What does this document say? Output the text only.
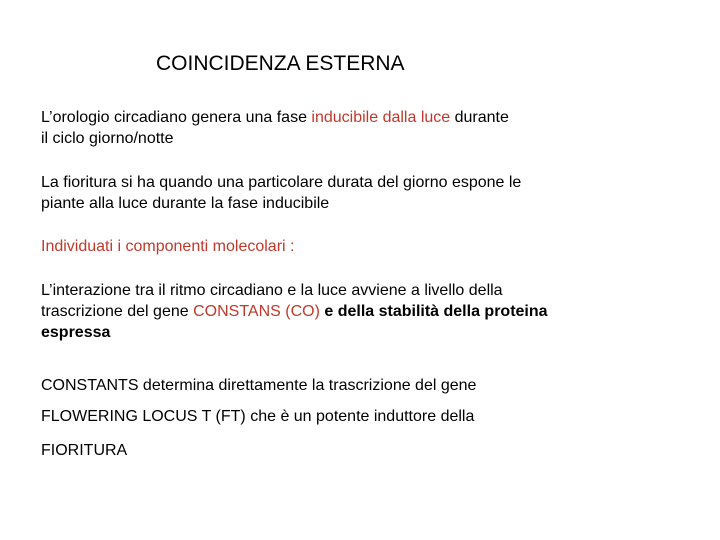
COINCIDENZA ESTERNA
L’orologio circadiano genera una fase inducibile dalla luce durante
il ciclo giorno/notte
La fioritura si ha quando una particolare durata del giorno espone le
piante alla luce durante la fase inducibile
Individuati i componenti molecolari :
L’interazione tra il ritmo circadiano e la luce avviene a livello della
trascrizione del gene CONSTANS (CO) e della stabilità della proteina
espressa
CONSTANTS determina direttamente la trascrizione del gene
FLOWERING LOCUS T (FT) che è un potente induttore della
FIORITURA
